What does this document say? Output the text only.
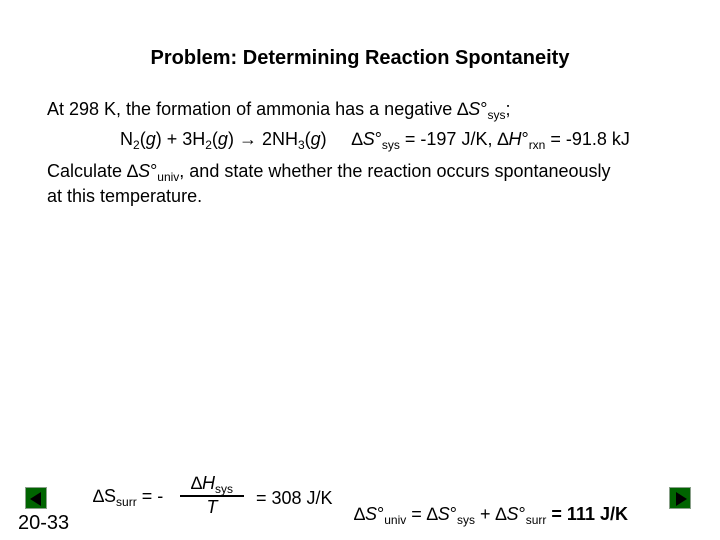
Problem: Determining Reaction Spontaneity
At 298 K, the formation of ammonia has a negative $\Delta S^\circ_{sys}$;
$N_2(g) + 3H_2(g) \to 2NH_3(g) \Delta S^\circ_{sys} = -197$ J/K, $\Delta H^\circ_{rxn} = -91.8$ kJ
Calculate $\Delta S^\circ_{univ}$, and state whether the reaction occurs spontaneously
at this temperature.
$\Delta S_{surr}$ = -
$\Delta H_{sys}$
T	= 308 J/K
$\Delta S^\circ_{univ} = \Delta S^\circ_{sys} + \Delta S^\circ_{surr} = 111$ J/K
20-33
